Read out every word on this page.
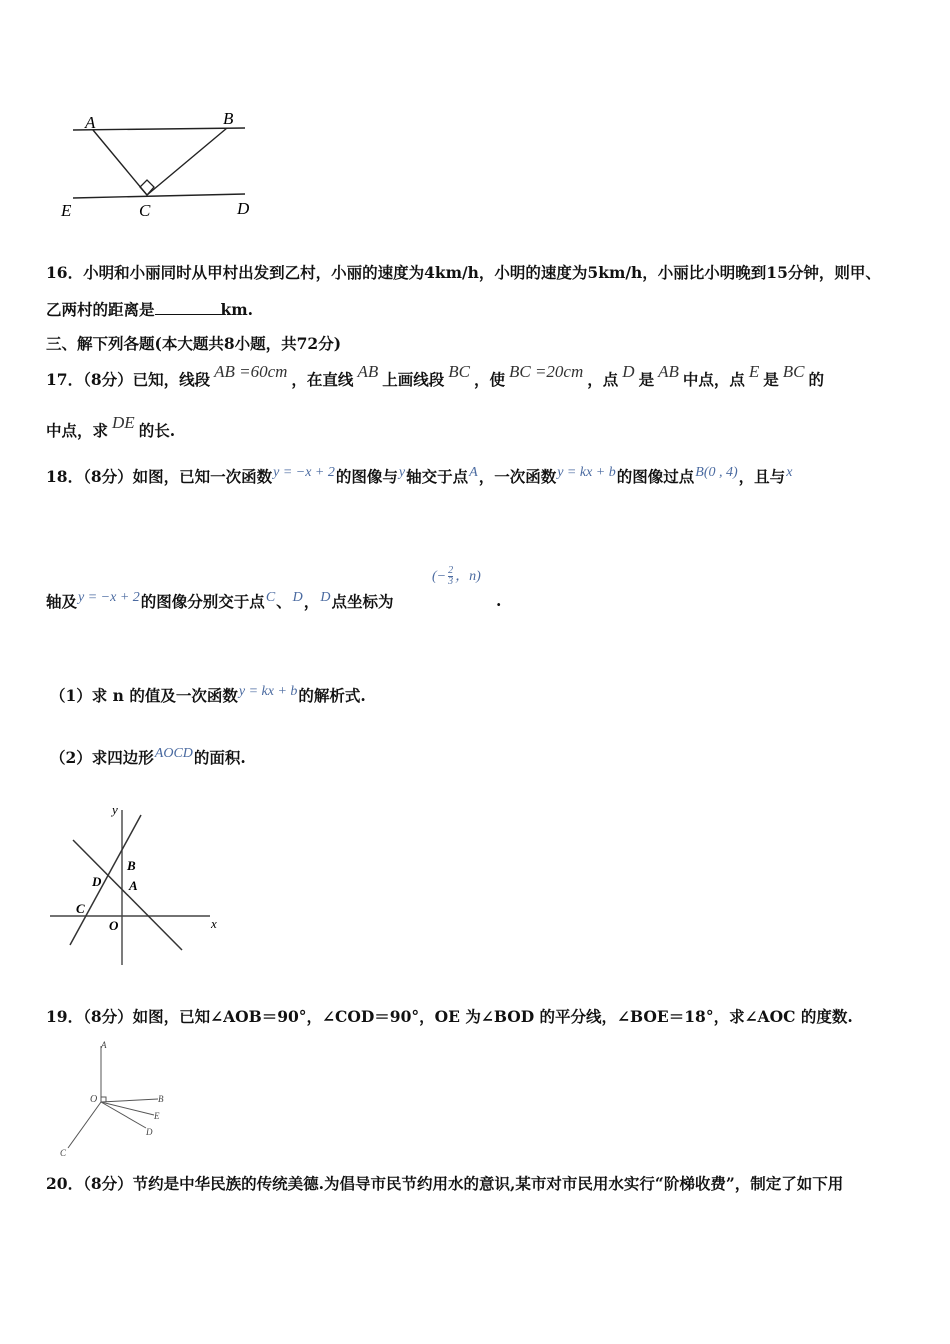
A	B
E	C	D
16．小明和小丽同时从甲村出发到乙村，小丽的速度为4km/h，小明的速度为5km/h，小丽比小明晚到15分钟，则甲、
乙两村的距离是	km.
三、解下列各题(本大题共8小题，共72分)
17．（8分）已知，线段 AB =60cm ，在直线 AB 上画线段 BC ，使 BC =20cm ，点 D 是 AB 中点，点 E 是 BC 的
中点，求 DE 的长.
18．（8分）如图，已知一次函数y = −x + 2的图像与y轴交于点A，一次函数y = kx + b的图像过点B(0 , 4)，且与x
轴及y = −x + 2的图像分别交于点C、D，D点坐标为
(− $\frac{2}{3}$ ，n)
.
（1）求 n 的值及一次函数y = kx + b的解析式.
（2）求四边形AOCD的面积.
y
x
O
B
A
D
C
19．（8分）如图，已知∠AOB＝90°，∠COD＝90°，OE 为∠BOD 的平分线，∠BOE＝18°，求∠AOC 的度数.
A
O	B
E
D
C
20．（8分）节约是中华民族的传统美德.为倡导市民节约用水的意识,某市对市民用水实行“阶梯收费”，制定了如下用
